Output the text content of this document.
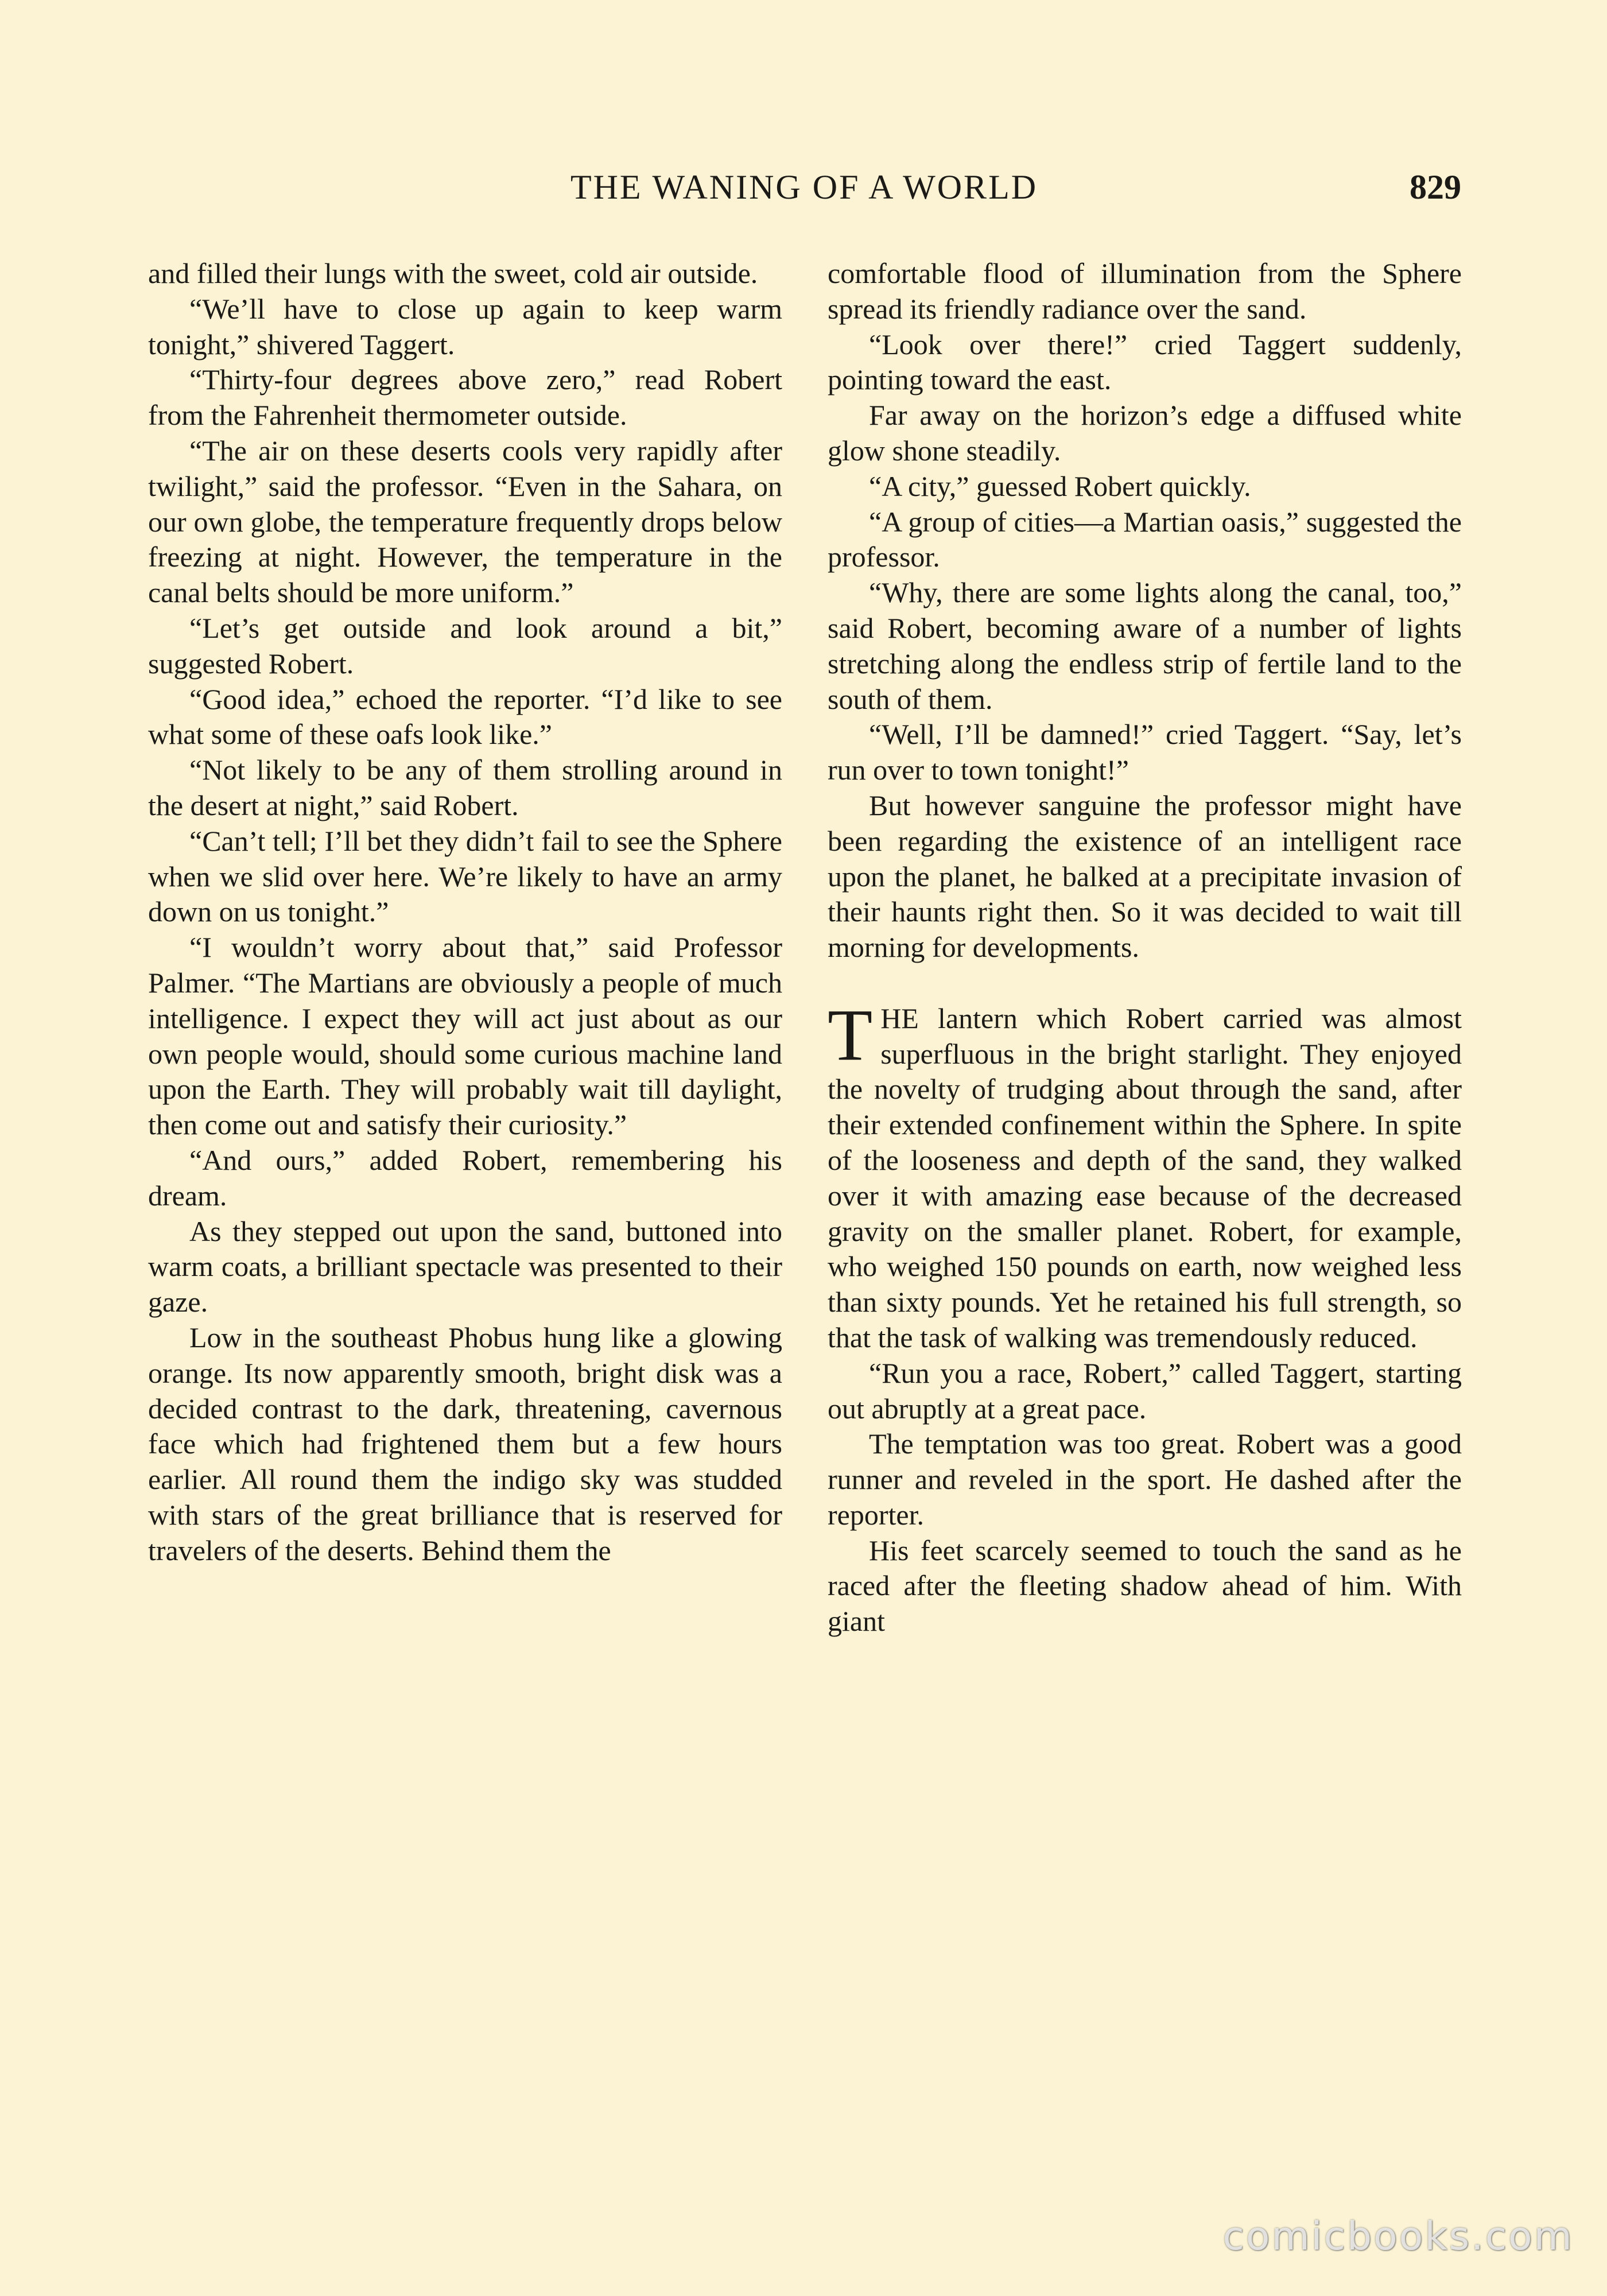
THE WANING OF A WORLD	829

and filled their lungs with the sweet, cold air outside.

“We’ll have to close up again to keep warm tonight,” shivered Taggert.

“Thirty-four degrees above zero,” read Robert from the Fahrenheit thermometer outside.

“The air on these deserts cools very rapidly after twilight,” said the professor. “Even in the Sahara, on our own globe, the temperature frequently drops below freezing at night. However, the temperature in the canal belts should be more uniform.”

“Let’s get outside and look around a bit,” suggested Robert.

“Good idea,” echoed the reporter. “I’d like to see what some of these oafs look like.”

“Not likely to be any of them strolling around in the desert at night,” said Robert.

“Can’t tell; I’ll bet they didn’t fail to see the Sphere when we slid over here. We’re likely to have an army down on us tonight.”

“I wouldn’t worry about that,” said Professor Palmer. “The Martians are obviously a people of much intelligence. I expect they will act just about as our own people would, should some curious machine land upon the Earth. They will probably wait till daylight, then come out and satisfy their curiosity.”

“And ours,” added Robert, remembering his dream.

As they stepped out upon the sand, buttoned into warm coats, a brilliant spectacle was presented to their gaze.

Low in the southeast Phobus hung like a glowing orange. Its now apparently smooth, bright disk was a decided contrast to the dark, threatening, cavernous face which had frightened them but a few hours earlier. All round them the indigo sky was studded with stars of the great brilliance that is reserved for travelers of the deserts. Behind them the

comfortable flood of illumination from the Sphere spread its friendly radiance over the sand.

“Look over there!” cried Taggert suddenly, pointing toward the east.

Far away on the horizon’s edge a diffused white glow shone steadily.

“A city,” guessed Robert quickly.

“A group of cities—a Martian oasis,” suggested the professor.

“Why, there are some lights along the canal, too,” said Robert, becoming aware of a number of lights stretching along the endless strip of fertile land to the south of them.

“Well, I’ll be damned!” cried Taggert. “Say, let’s run over to town tonight!”

But however sanguine the professor might have been regarding the existence of an intelligent race upon the planet, he balked at a precipitate invasion of their haunts right then. So it was decided to wait till morning for developments.

THE lantern which Robert carried was almost superfluous in the bright starlight. They enjoyed the novelty of trudging about through the sand, after their extended confinement within the Sphere. In spite of the looseness and depth of the sand, they walked over it with amazing ease because of the decreased gravity on the smaller planet. Robert, for example, who weighed 150 pounds on earth, now weighed less than sixty pounds. Yet he retained his full strength, so that the task of walking was tremendously reduced.

“Run you a race, Robert,” called Taggert, starting out abruptly at a great pace.

The temptation was too great. Robert was a good runner and reveled in the sport. He dashed after the reporter.

His feet scarcely seemed to touch the sand as he raced after the fleeting shadow ahead of him. With giant

comicbooks.com
